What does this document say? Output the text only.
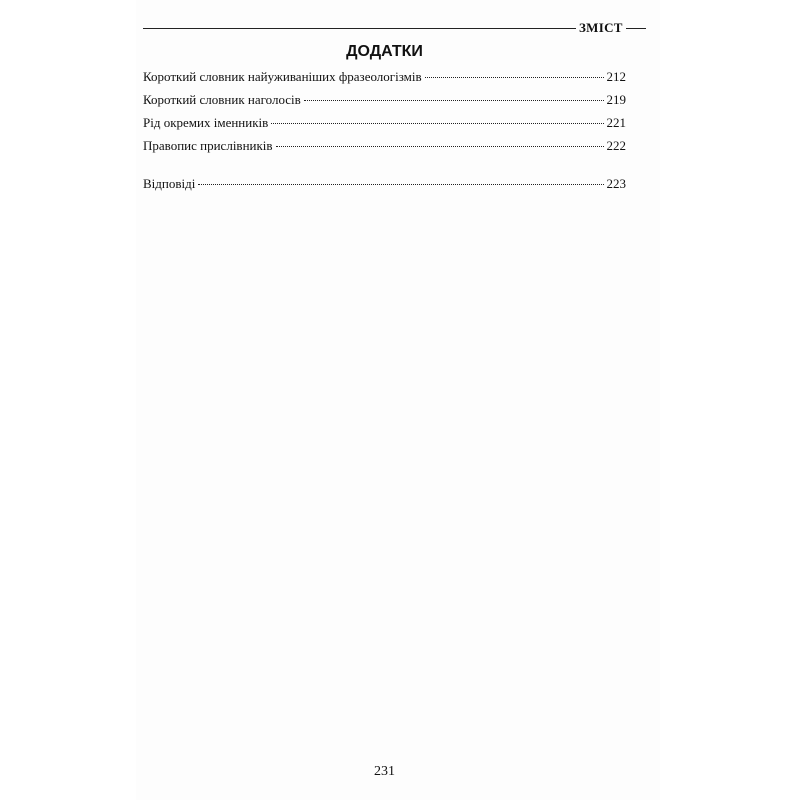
ЗМІСТ
ДОДАТКИ
Короткий словник найуживаніших фразеологізмів	212
Короткий словник наголосів	219
Рід окремих іменників	221
Правопис прислівників	222
Відповіді	223
231
